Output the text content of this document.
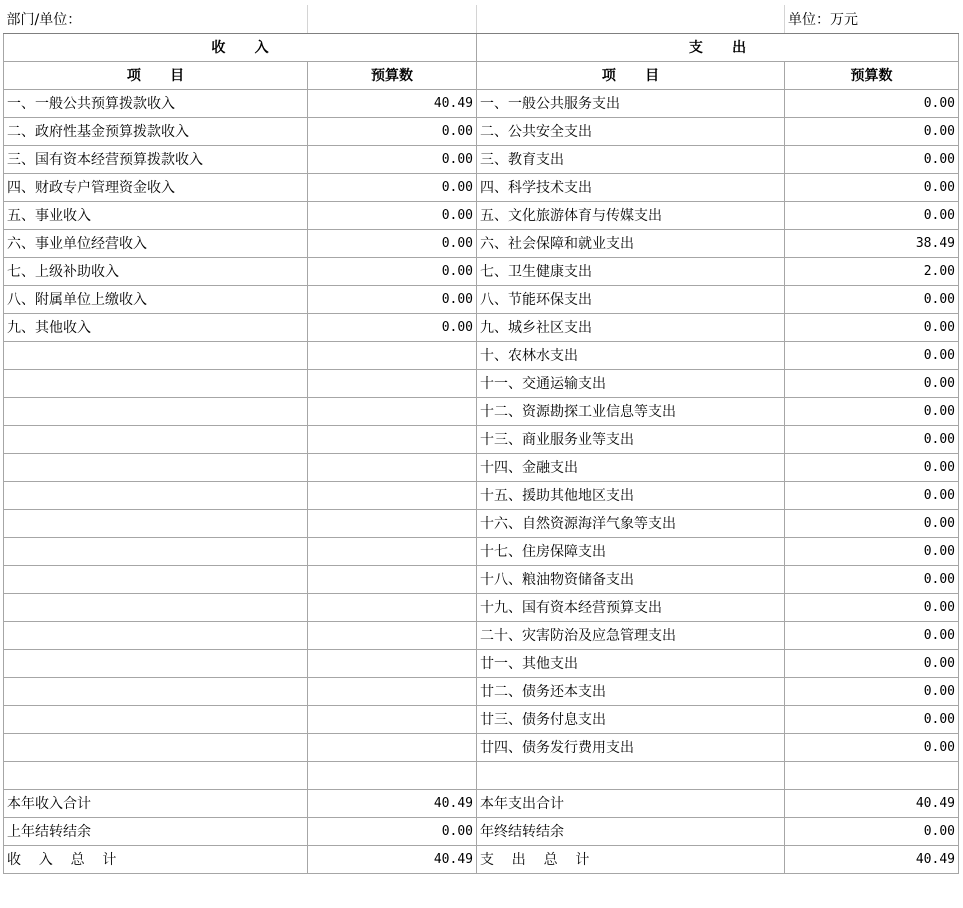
部门/单位：			单位：万元
收      入		支      出	
项      目	预算数	项      目	预算数
一、一般公共预算拨款收入	40.49	一、一般公共服务支出	0.00
二、政府性基金预算拨款收入	0.00	二、公共安全支出	0.00
三、国有资本经营预算拨款收入	0.00	三、教育支出	0.00
四、财政专户管理资金收入	0.00	四、科学技术支出	0.00
五、事业收入	0.00	五、文化旅游体育与传媒支出	0.00
六、事业单位经营收入	0.00	六、社会保障和就业支出	38.49
七、上级补助收入	0.00	七、卫生健康支出	2.00
八、附属单位上缴收入	0.00	八、节能环保支出	0.00
九、其他收入	0.00	九、城乡社区支出	0.00
		十、农林水支出	0.00
		十一、交通运输支出	0.00
		十二、资源勘探工业信息等支出	0.00
		十三、商业服务业等支出	0.00
		十四、金融支出	0.00
		十五、援助其他地区支出	0.00
		十六、自然资源海洋气象等支出	0.00
		十七、住房保障支出	0.00
		十八、粮油物资储备支出	0.00
		十九、国有资本经营预算支出	0.00
		二十、灾害防治及应急管理支出	0.00
		廿一、其他支出	0.00
		廿二、债务还本支出	0.00
		廿三、债务付息支出	0.00
		廿四、债务发行费用支出	0.00

本年收入合计	40.49	本年支出合计	40.49
上年结转结余	0.00	年终结转结余	0.00
收    入    总    计	40.49	支    出    总    计	40.49
